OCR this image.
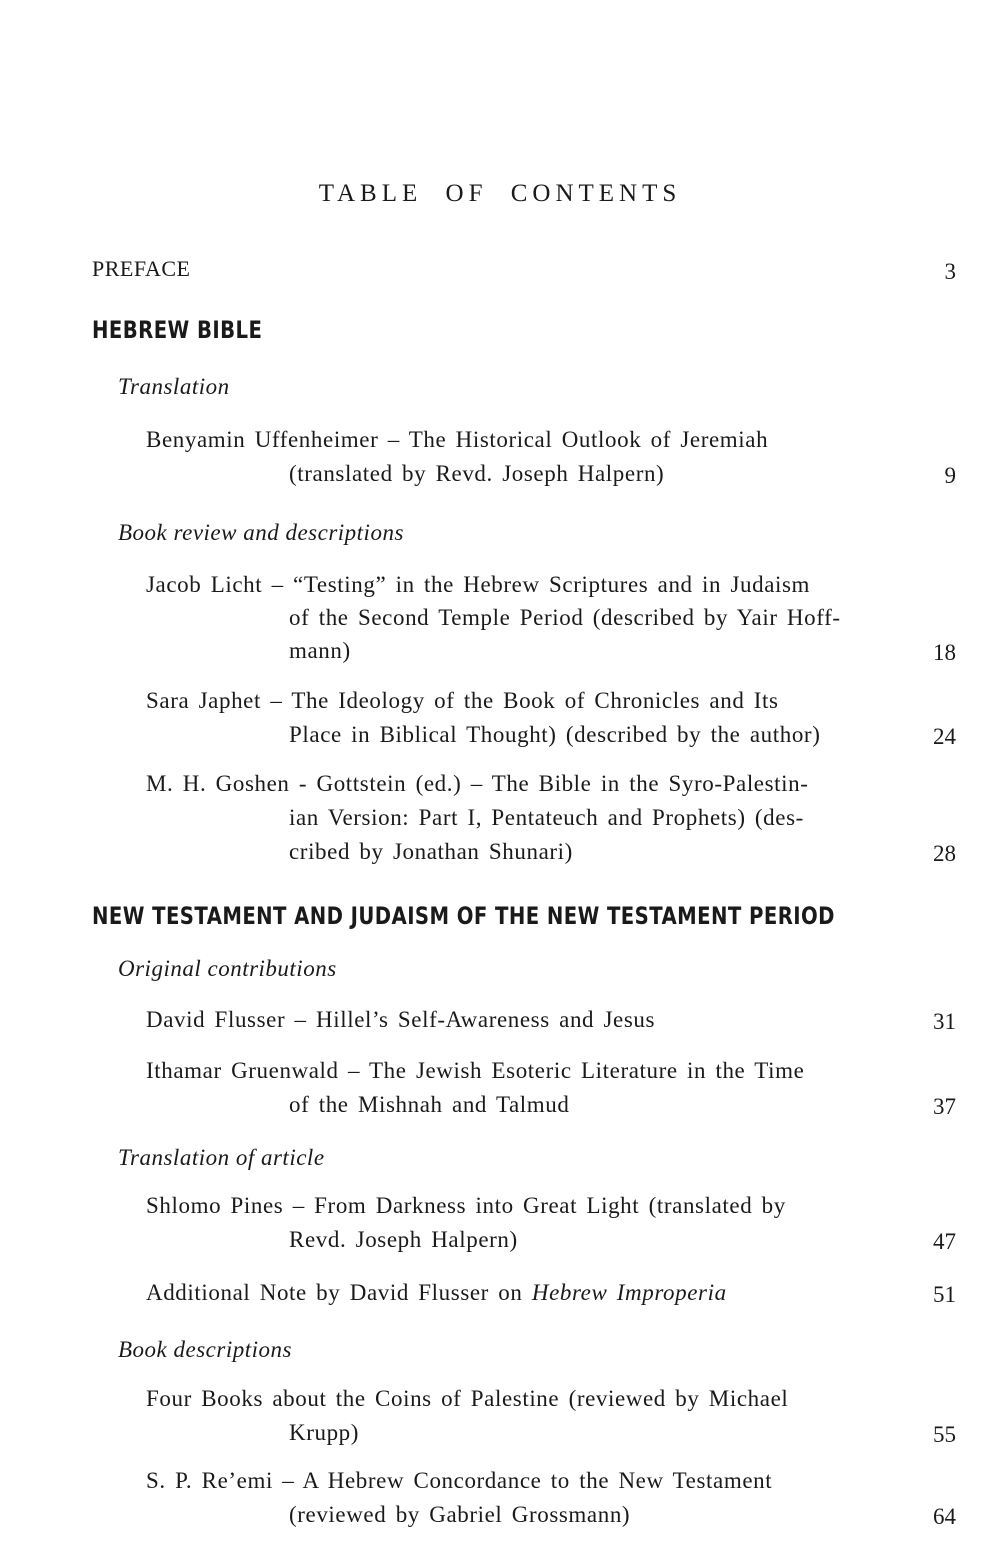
TABLE OF CONTENTS
PREFACE	3
HEBREW BIBLE
Translation
Benyamin Uffenheimer – The Historical Outlook of Jeremiah
(translated by Revd. Joseph Halpern)	9
Book review and descriptions
Jacob Licht – “Testing” in the Hebrew Scriptures and in Judaism
of the Second Temple Period (described by Yair Hoff-
mann)	18
Sara Japhet – The Ideology of the Book of Chronicles and Its
Place in Biblical Thought) (described by the author)	24
M. H. Goshen - Gottstein (ed.) – The Bible in the Syro-Palestin-
ian Version: Part I, Pentateuch and Prophets) (des-
cribed by Jonathan Shunari)	28
NEW TESTAMENT AND JUDAISM OF THE NEW TESTAMENT PERIOD
Original contributions
David Flusser – Hillel’s Self-Awareness and Jesus	31
Ithamar Gruenwald – The Jewish Esoteric Literature in the Time
of the Mishnah and Talmud	37
Translation of article
Shlomo Pines – From Darkness into Great Light (translated by
Revd. Joseph Halpern)	47
Additional Note by David Flusser on Hebrew Improperia	51
Book descriptions
Four Books about the Coins of Palestine (reviewed by Michael
Krupp)	55
S. P. Re’emi – A Hebrew Concordance to the New Testament
(reviewed by Gabriel Grossmann)	64
